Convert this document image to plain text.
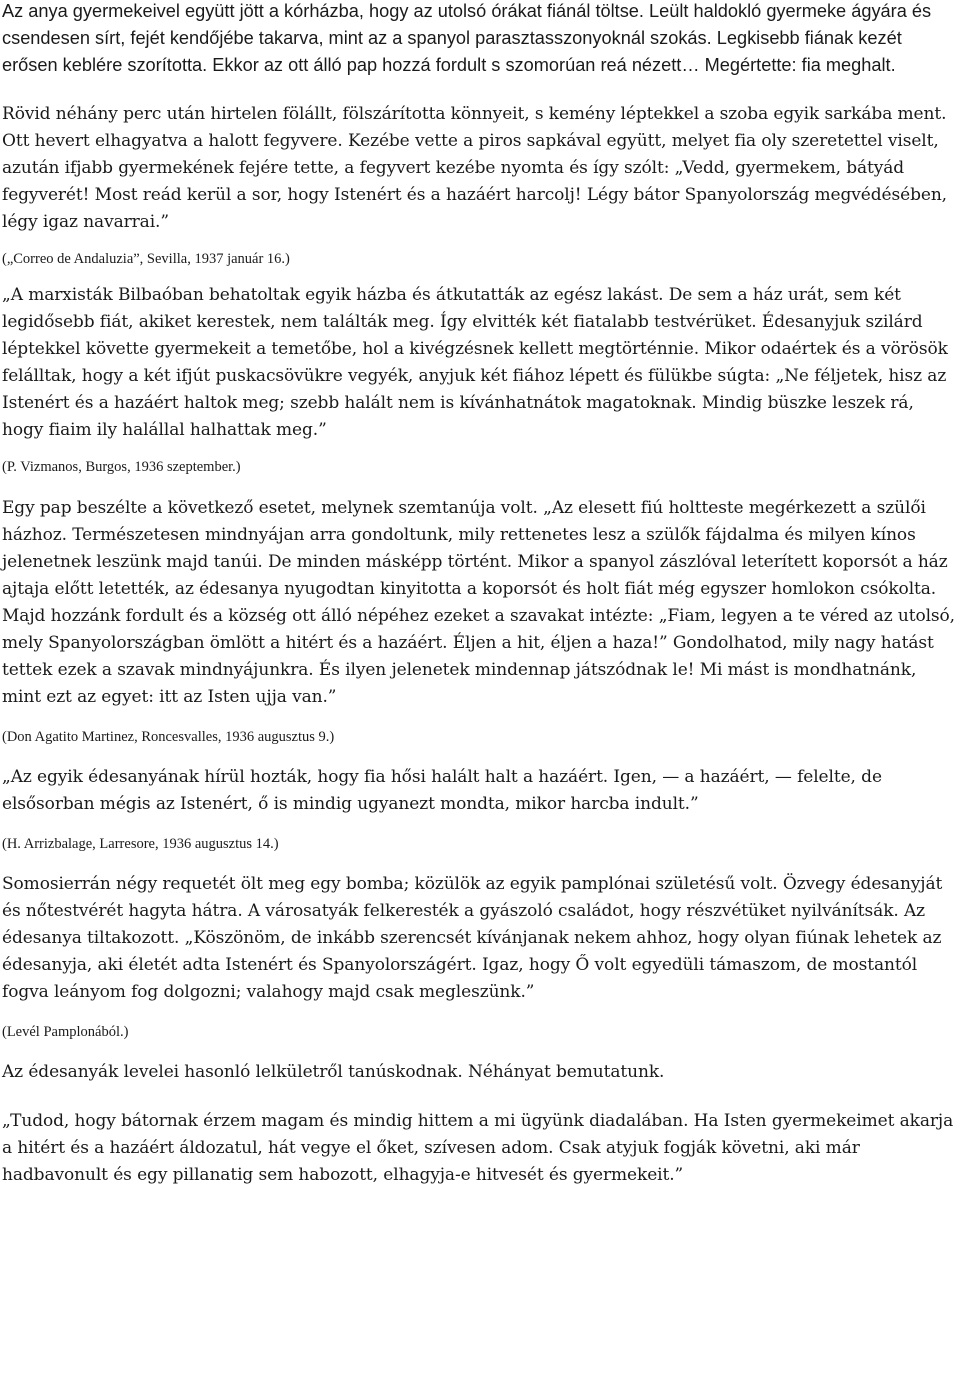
Az anya gyermekeivel együtt jött a kórházba, hogy az utolsó órákat fiánál töltse. Leült haldokló gyermeke ágyára és csendesen sírt, fejét kendőjébe takarva, mint az a spanyol parasztasszonyoknál szokás. Legkisebb fiának kezét erősen keblére szorította. Ekkor az ott álló pap hozzá fordult s szomorúan reá nézett… Megértette: fia meghalt.

Rövid néhány perc után hirtelen fölállt, fölszárította könnyeit, s kemény léptekkel a szoba egyik sarkába ment. Ott hevert elhagyatva a halott fegyvere. Kezébe vette a piros sapkával együtt, melyet fia oly szeretettel viselt, azután ifjabb gyermekének fejére tette, a fegyvert kezébe nyomta és így szólt: „Vedd, gyermekem, bátyád fegyverét! Most reád kerül a sor, hogy Istenért és a hazáért harcolj! Légy bátor Spanyolország megvédésében, légy igaz navarrai.”

(„Correo de Andaluzia”, Sevilla, 1937 január 16.)

„A marxisták Bilbaóban behatoltak egyik házba és átkutatták az egész lakást. De sem a ház urát, sem két legidősebb fiát, akiket kerestek, nem találták meg. Így elvitték két fiatalabb testvérüket. Édesanyjuk szilárd léptekkel követte gyermekeit a temetőbe, hol a kivégzésnek kellett megtörténnie. Mikor odaértek és a vörösök felálltak, hogy a két ifjút puskacsövükre vegyék, anyjuk két fiához lépett és fülükbe súgta: „Ne féljetek, hisz az Istenért és a hazáért haltok meg; szebb halált nem is kívánhatnátok magatoknak. Mindig büszke leszek rá, hogy fiaim ily halállal halhattak meg.”

(P. Vizmanos, Burgos, 1936 szeptember.)

Egy pap beszélte a következő esetet, melynek szemtanúja volt. „Az elesett fiú holtteste megérkezett a szülői házhoz. Természetesen mindnyájan arra gondoltunk, mily rettenetes lesz a szülők fájdalma és milyen kínos jelenetnek leszünk majd tanúi. De minden másképp történt. Mikor a spanyol zászlóval leterített koporsót a ház ajtaja előtt letették, az édesanya nyugodtan kinyitotta a koporsót és holt fiát még egyszer homlokon csókolta. Majd hozzánk fordult és a község ott álló népéhez ezeket a szavakat intézte: „Fiam, legyen a te véred az utolsó, mely Spanyolországban ömlött a hitért és a hazáért. Éljen a hit, éljen a haza!” Gondolhatod, mily nagy hatást tettek ezek a szavak mindnyájunkra. És ilyen jelenetek mindennap játszódnak le! Mi mást is mondhatnánk, mint ezt az egyet: itt az Isten ujja van.”

(Don Agatito Martinez, Roncesvalles, 1936 augusztus 9.)

„Az egyik édesanyának hírül hozták, hogy fia hősi halált halt a hazáért. Igen, — a hazáért, — felelte, de elsősorban mégis az Istenért, ő is mindig ugyanezt mondta, mikor harcba indult.”

(H. Arrizbalage, Larresore, 1936 augusztus 14.)

Somosierrán négy requetét ölt meg egy bomba; közülök az egyik pamplónai születésű volt. Özvegy édesanyját és nőtestvérét hagyta hátra. A városatyák felkeresték a gyászoló családot, hogy részvétüket nyilvánítsák. Az édesanya tiltakozott. „Köszönöm, de inkább szerencsét kívánjanak nekem ahhoz, hogy olyan fiúnak lehetek az édesanyja, aki életét adta Istenért és Spanyolországért. Igaz, hogy Ő volt egyedüli támaszom, de mostantól fogva leányom fog dolgozni; valahogy majd csak megleszünk.”

(Levél Pamplonából.)

Az édesanyák levelei hasonló lelkületről tanúskodnak. Néhányat bemutatunk.

„Tudod, hogy bátornak érzem magam és mindig hittem a mi ügyünk diadalában. Ha Isten gyermekeimet akarja a hitért és a hazáért áldozatul, hát vegye el őket, szívesen adom. Csak atyjuk fogják követni, aki már hadbavonult és egy pillanatig sem habozott, elhagyja-e hitvesét és gyermekeit.”
